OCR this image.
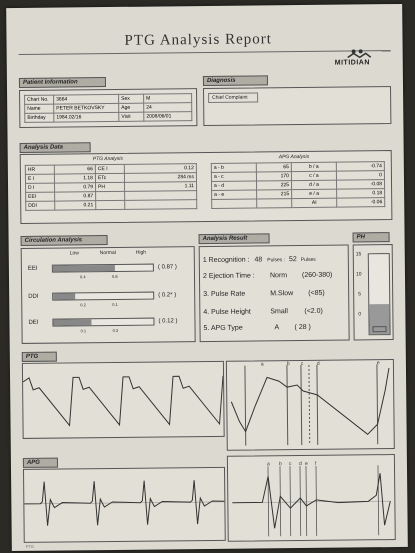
PTG Analysis Report
MITIDIAN
Patient Information
Chart No.	3664	Sex	M
Name	PETER BETKOVSKY	Age	24
Birthday	1984.02/16	Visit	2008/06/01
Diagnosis
Chief Complaint
Analysis Data
PTG Analysis	APG Analysis
HR	66	CE I	0.12
E I	1.18	ETc	284 ms
D I	0.79	PH	1.11
EEI	0.87		
DDI	0.21		
a - b	65	b / a	-0.74
a - c	170	c / a	0
a - d	225	d / a	-0.08
a - e	215	e / a	0.18
		AI	-0.06
Circulation Analysis
Low	Normal	High
EEI	( 0.87 )
0.4	0.8
DDI	( 0.2* )
0.2	0.1
DEI	( 0.12 )
0.1	0.3
Analysis Result
1 Recognition : 48 Pulses : 52 Pulses
2 Ejection Time : Norm (260-380)
3. Pulse Rate	M.Slow (<85)
4. Pulse Height	Small (<2.0)
5. APG Type	A ( 28 )
PH
15
10
5
0
PTG
a	b c	d	e
APG	a b c d e f
PTG
